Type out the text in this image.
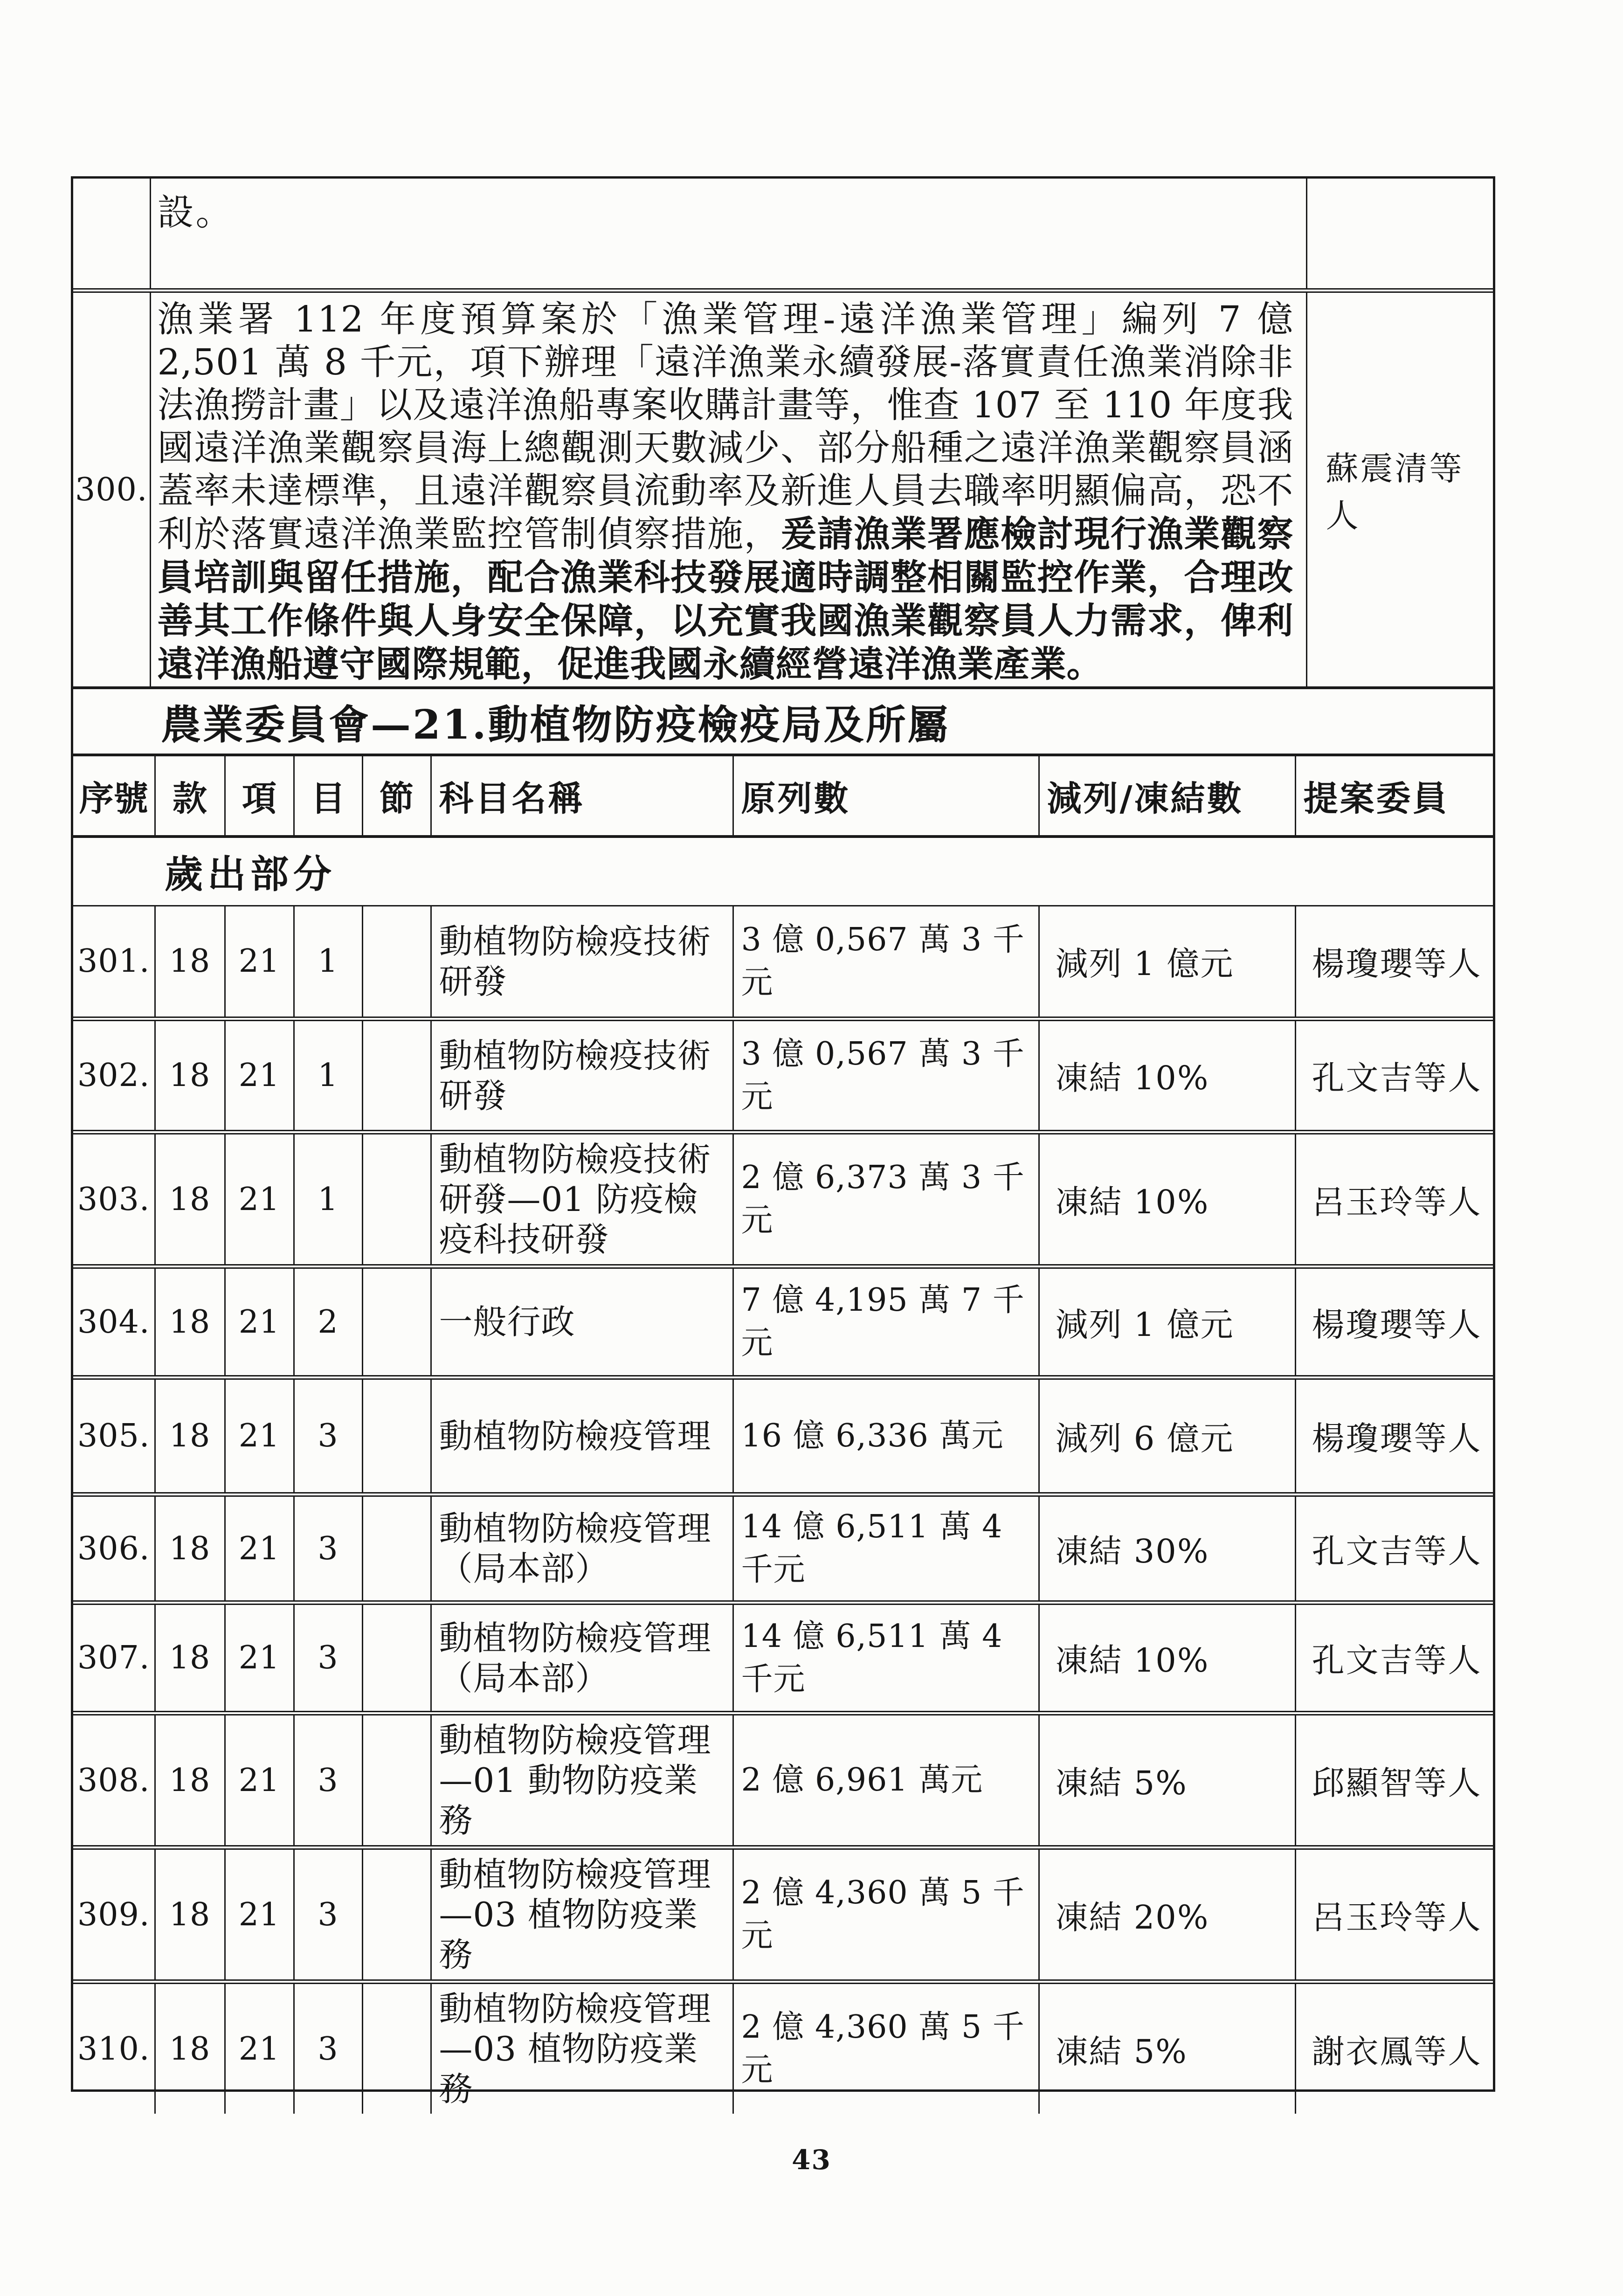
	設。	
300.	漁業署 112 年度預算案於「漁業管理-遠洋漁業管理」編列 7 億 2,501 萬 8 千元，項下辦理「遠洋漁業永續發展-落實責任漁業消除非法漁撈計畫」以及遠洋漁船專案收購計畫等，惟查 107 至 110 年度我國遠洋漁業觀察員海上總觀測天數減少、部分船種之遠洋漁業觀察員涵蓋率未達標準，且遠洋觀察員流動率及新進人員去職率明顯偏高，恐不利於落實遠洋漁業監控管制偵察措施，爰請漁業署應檢討現行漁業觀察員培訓與留任措施，配合漁業科技發展適時調整相關監控作業，合理改善其工作條件與人身安全保障，以充實我國漁業觀察員人力需求，俾利遠洋漁船遵守國際規範，促進我國永續經營遠洋漁業產業。	蘇震清等人
農業委員會—21.動植物防疫檢疫局及所屬
序號	款	項	目	節	科目名稱	原列數	減列/凍結數	提案委員
歲出部分								
301.	18	21	1		動植物防檢疫技術研發	3 億 0,567 萬 3 千元	減列 1 億元	楊瓊瓔等人
302.	18	21	1		動植物防檢疫技術研發	3 億 0,567 萬 3 千元	凍結 10%	孔文吉等人
303.	18	21	1		動植物防檢疫技術研發—01 防疫檢疫科技研發	2 億 6,373 萬 3 千元	凍結 10%	呂玉玲等人
304.	18	21	2		一般行政	7 億 4,195 萬 7 千元	減列 1 億元	楊瓊瓔等人
305.	18	21	3		動植物防檢疫管理	16 億 6,336 萬元	減列 6 億元	楊瓊瓔等人
306.	18	21	3		動植物防檢疫管理（局本部）	14 億 6,511 萬 4 千元	凍結 30%	孔文吉等人
307.	18	21	3		動植物防檢疫管理（局本部）	14 億 6,511 萬 4 千元	凍結 10%	孔文吉等人
308.	18	21	3		動植物防檢疫管理—01 動物防疫業務	2 億 6,961 萬元	凍結 5%	邱顯智等人
309.	18	21	3		動植物防檢疫管理—03 植物防疫業務	2 億 4,360 萬 5 千元	凍結 20%	呂玉玲等人
310.	18	21	3		動植物防檢疫管理—03 植物防疫業務	2 億 4,360 萬 5 千元	凍結 5%	謝衣鳳等人
43
